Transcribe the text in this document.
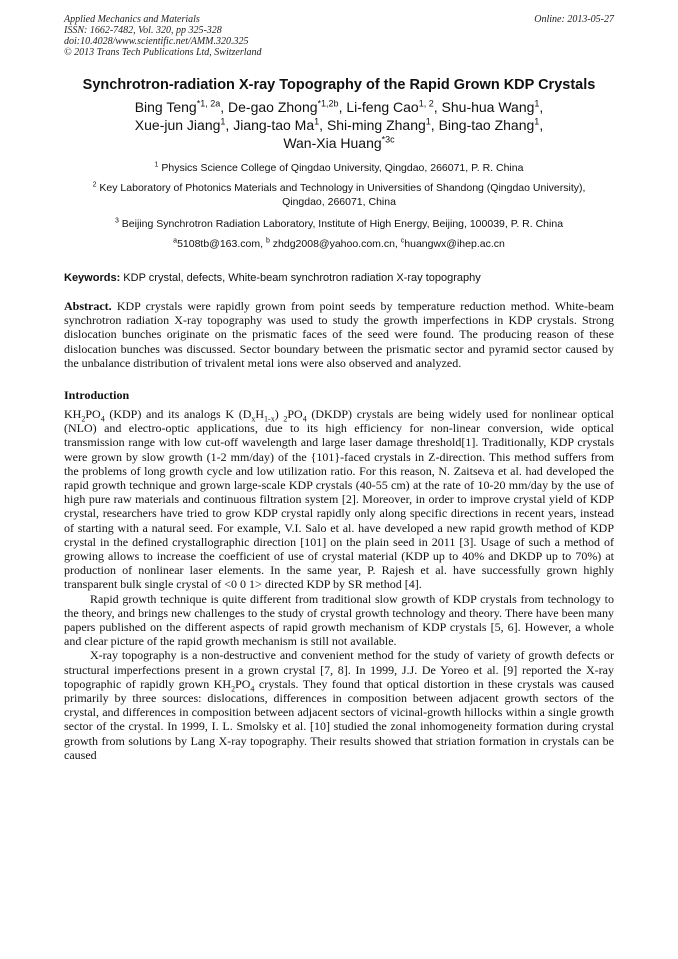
Applied Mechanics and Materials
ISSN: 1662-7482, Vol. 320, pp 325-328
doi:10.4028/www.scientific.net/AMM.320.325
© 2013 Trans Tech Publications Ltd, Switzerland
Online: 2013-05-27
Synchrotron-radiation X-ray Topography of the Rapid Grown KDP Crystals
Bing Teng$^{*1, 2a}$, De-gao Zhong$^{*1,2b}$, Li-feng Cao$^{1, 2}$, Shu-hua Wang$^1$,
Xue-jun Jiang$^1$, Jiang-tao Ma$^1$, Shi-ming Zhang$^1$, Bing-tao Zhang$^1$,
Wan-Xia Huang$^{*3c}$
$^1$ Physics Science College of Qingdao University, Qingdao, 266071, P. R. China
$^2$ Key Laboratory of Photonics Materials and Technology in Universities of Shandong (Qingdao University), Qingdao, 266071, China
$^3$ Beijing Synchrotron Radiation Laboratory, Institute of High Energy, Beijing, 100039, P. R. China
$^a$5108tb@163.com, $^b$ zhdg2008@yahoo.com.cn, $^c$huangwx@ihep.ac.cn
Keywords: KDP crystal, defects, White-beam synchrotron radiation X-ray topography
Abstract. KDP crystals were rapidly grown from point seeds by temperature reduction method. White-beam synchrotron radiation X-ray topography was used to study the growth imperfections in KDP crystals. Strong dislocation bunches originate on the prismatic faces of the seed were found. The producing reason of these dislocation bunches was discussed. Sector boundary between the prismatic sector and pyramid sector caused by the unbalance distribution of trivalent metal ions were also observed and analyzed.
Introduction

$KH_2PO_4$ (KDP) and its analogs K $(D_xH_{1-x})$ $_2PO_4$ (DKDP) crystals are being widely used for nonlinear optical (NLO) and electro-optic applications, due to its high efficiency for non-linear conversion, wide optical transmission range with low cut-off wavelength and large laser damage threshold[1]. Traditionally, KDP crystals were grown by slow growth (1-2 mm/day) of the {101}-faced crystals in Z-direction. This method suffers from the problems of long growth cycle and low utilization ratio. For this reason, N. Zaitseva et al. had developed the rapid growth technique and grown large-scale KDP crystals (40-55 cm) at the rate of 10-20 mm/day by the use of high pure raw materials and continuous filtration system [2]. Moreover, in order to improve crystal yield of KDP crystal, researchers have tried to grow KDP crystal rapidly only along specific directions in recent years, instead of starting with a natural seed. For example, V.I. Salo et al. have developed a new rapid growth method of KDP crystal in the defined crystallographic direction [101] on the plain seed in 2011 [3]. Usage of such a method of growing allows to increase the coefficient of use of crystal material (KDP up to 40% and DKDP up to 70%) at production of nonlinear laser elements. In the same year, P. Rajesh et al. have successfully grown highly transparent bulk single crystal of <0 0 1> directed KDP by SR method [4].

Rapid growth technique is quite different from traditional slow growth of KDP crystals from technology to the theory, and brings new challenges to the study of crystal growth technology and theory. There have been many papers published on the different aspects of rapid growth mechanism of KDP crystals [5, 6]. However, a whole and clear picture of the rapid growth mechanism is still not available.

X-ray topography is a non-destructive and convenient method for the study of variety of growth defects or structural imperfections present in a grown crystal [7, 8]. In 1999, J.J. De Yoreo et al. [9] reported the X-ray topographic of rapidly grown $KH_2PO_4$ crystals. They found that optical distortion in these crystals was caused primarily by three sources: dislocations, differences in composition between adjacent growth sectors of the crystal, and differences in composition between adjacent sectors of vicinal-growth hillocks within a single growth sector of the crystal. In 1999, I. L. Smolsky et al. [10] studied the zonal inhomogeneity formation during crystal growth from solutions by Lang X-ray topography. Their results showed that striation formation in crystals can be caused
